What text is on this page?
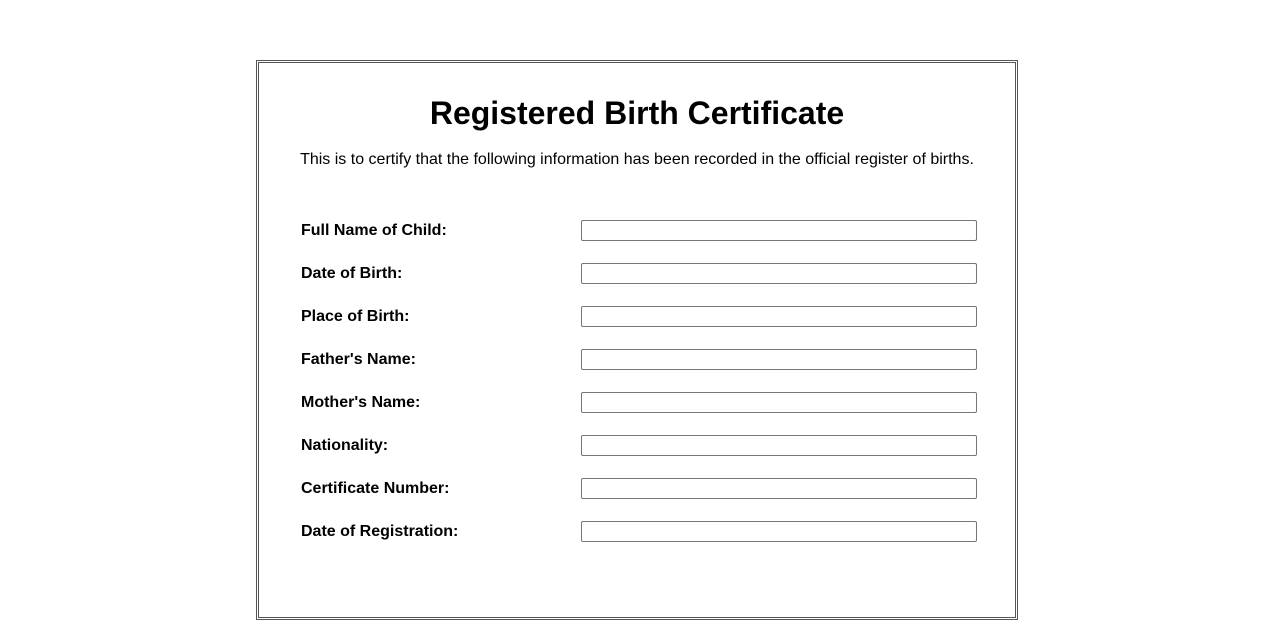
Registered Birth Certificate

This is to certify that the following information has been recorded in the official register of births.

Full Name of Child:
Date of Birth:
Place of Birth:
Father's Name:
Mother's Name:
Nationality:
Certificate Number:
Date of Registration:
